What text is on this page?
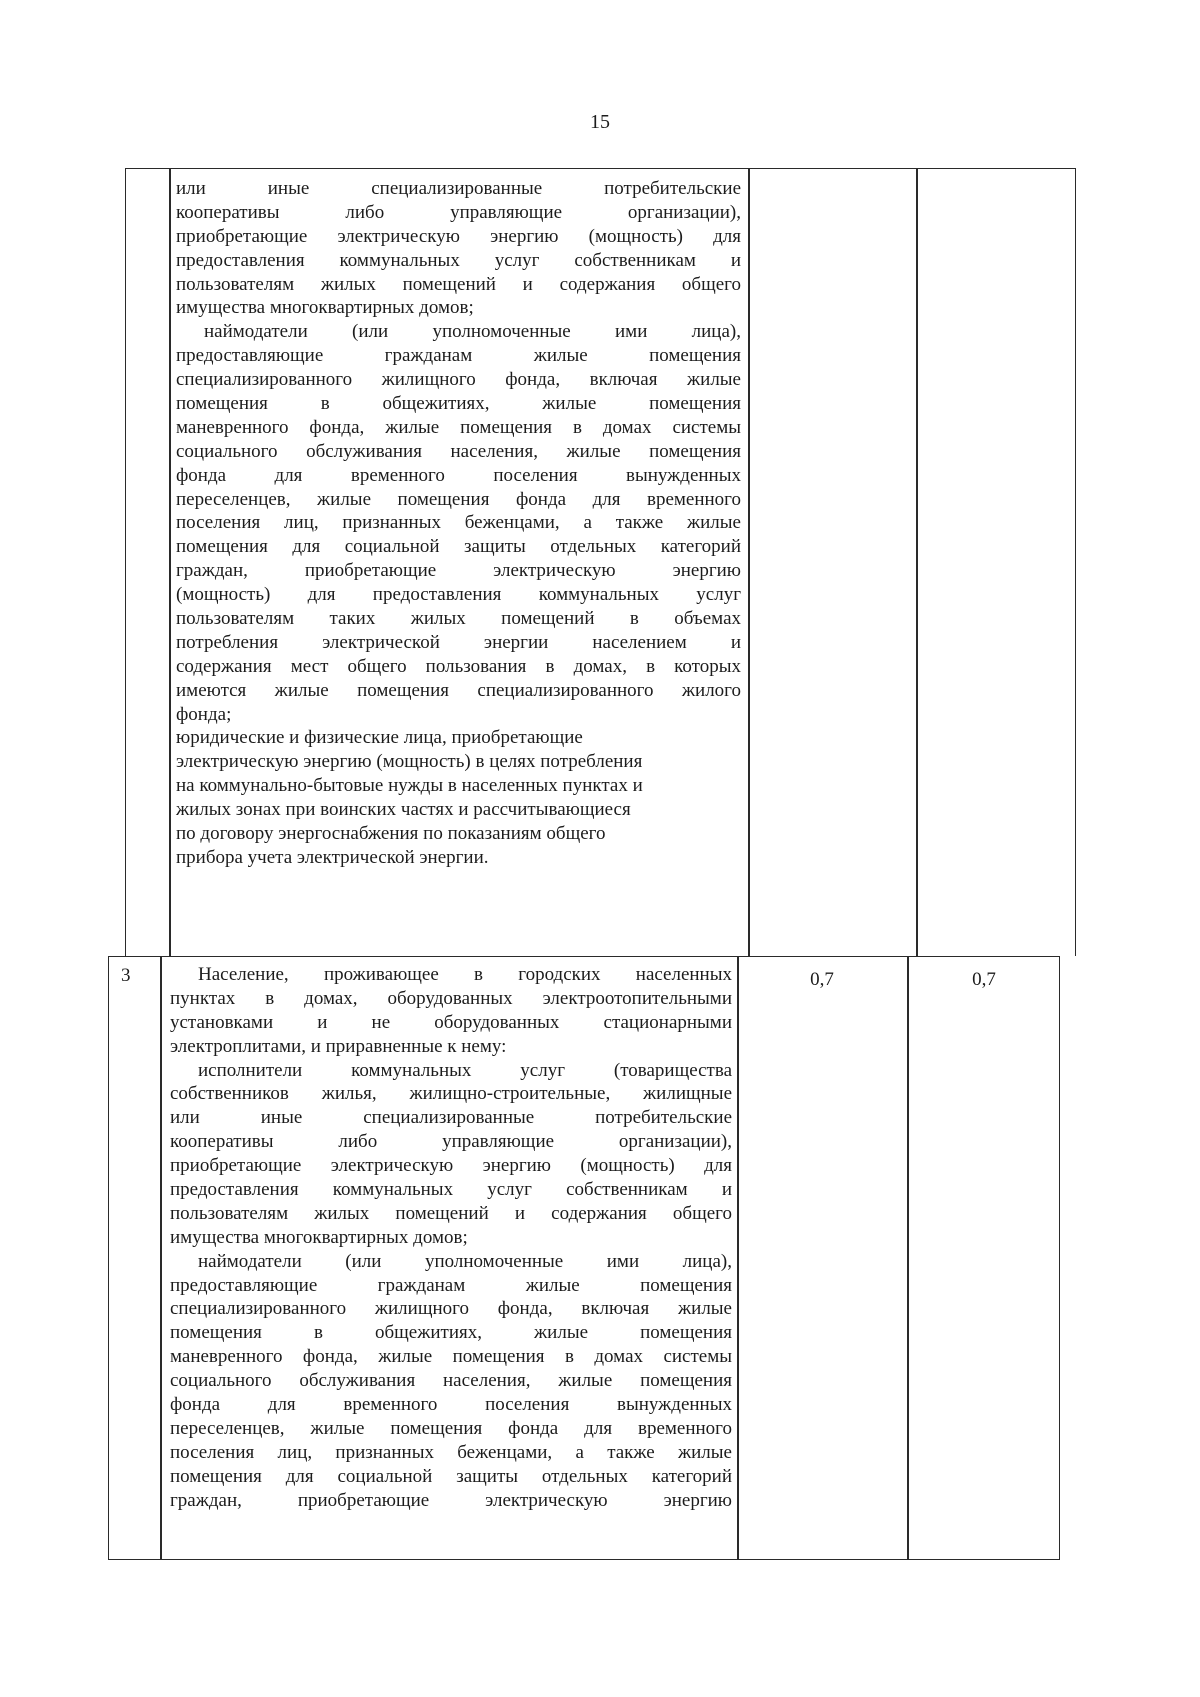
15
или иные специализированные потребительские
кооперативы либо управляющие организации),
приобретающие электрическую энергию (мощность) для
предоставления коммунальных услуг собственникам и
пользователям жилых помещений и содержания общего
имущества многоквартирных домов;
наймодатели (или уполномоченные ими лица),
предоставляющие гражданам жилые помещения
специализированного жилищного фонда, включая жилые
помещения в общежитиях, жилые помещения
маневренного фонда, жилые помещения в домах системы
социального обслуживания населения, жилые помещения
фонда для временного поселения вынужденных
переселенцев, жилые помещения фонда для временного
поселения лиц, признанных беженцами, а также жилые
помещения для социальной защиты отдельных категорий
граждан, приобретающие электрическую энергию
(мощность) для предоставления коммунальных услуг
пользователям таких жилых помещений в объемах
потребления электрической энергии населением и
содержания мест общего пользования в домах, в которых
имеются жилые помещения специализированного жилого
фонда;
юридические и физические лица, приобретающие
электрическую энергию (мощность) в целях потребления
на коммунально-бытовые нужды в населенных пунктах и
жилых зонах при воинских частях и рассчитывающиеся
по договору энергоснабжения по показаниям общего
прибора учета электрической энергии.
3	Население, проживающее в городских населенных
пунктах в домах, оборудованных электроотопительными
установками и не оборудованных стационарными
электроплитами, и приравненные к нему:
исполнители коммунальных услуг (товарищества
собственников жилья, жилищно-строительные, жилищные
или иные специализированные потребительские
кооперативы либо управляющие организации),
приобретающие электрическую энергию (мощность) для
предоставления коммунальных услуг собственникам и
пользователям жилых помещений и содержания общего
имущества многоквартирных домов;
наймодатели (или уполномоченные ими лица),
предоставляющие гражданам жилые помещения
специализированного жилищного фонда, включая жилые
помещения в общежитиях, жилые помещения
маневренного фонда, жилые помещения в домах системы
социального обслуживания населения, жилые помещения
фонда для временного поселения вынужденных
переселенцев, жилые помещения фонда для временного
поселения лиц, признанных беженцами, а также жилые
помещения для социальной защиты отдельных категорий
граждан, приобретающие электрическую энергию
0,7	0,7
